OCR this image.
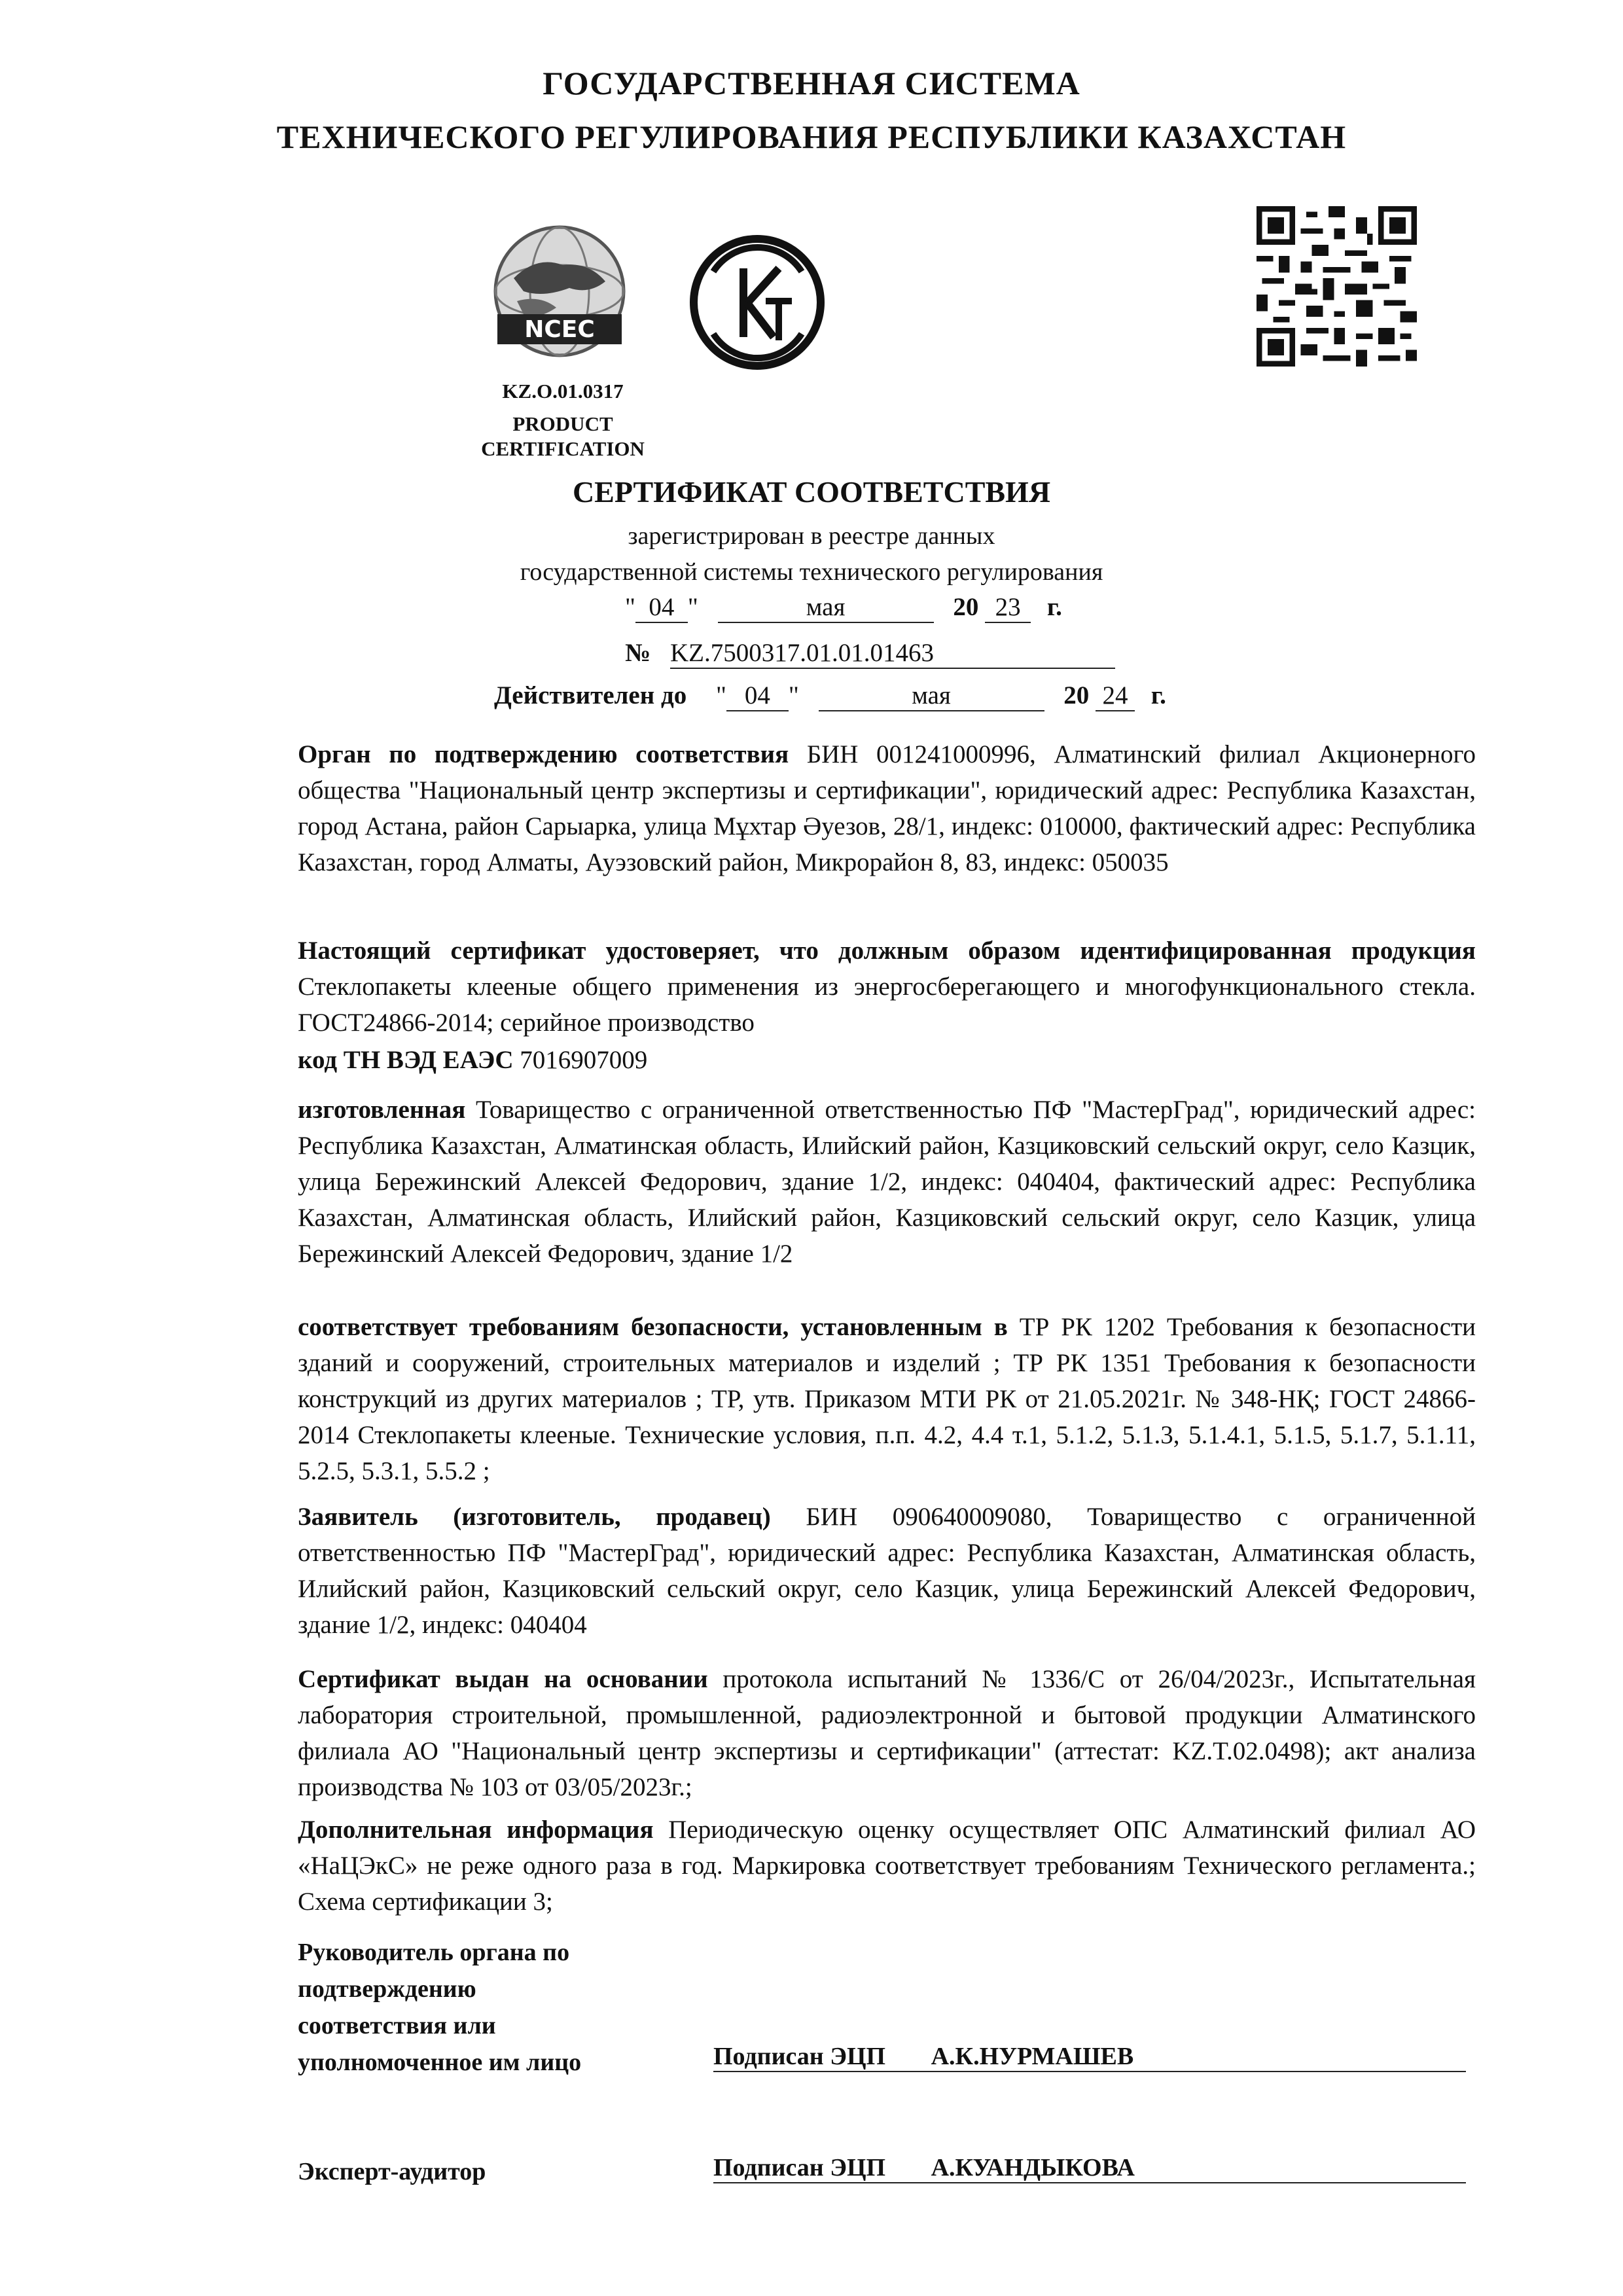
ГОСУДАРСТВЕННАЯ СИСТЕМА
ТЕХНИЧЕСКОГО РЕГУЛИРОВАНИЯ РЕСПУБЛИКИ КАЗАХСТАН
NCEC
KZ.O.01.0317
PRODUCT
CERTIFICATION
СЕРТИФИКАТ СООТВЕТСТВИЯ
зарегистрирован в реестре данных
государственной системы технического регулирования
" 04 "	мая	20 23 г.
№ KZ.7500317.01.01.01463
Действителен до " 04 "	мая	20 24 г.
Орган по подтверждению соответствия БИН 001241000996, Алматинский филиал Акционерного общества "Национальный центр экспертизы и сертификации", юридический адрес: Республика Казахстан, город Астана, район Сарыарка, улица Мұхтар Әуезов, 28/1, индекс: 010000, фактический адрес: Республика Казахстан, город Алматы, Ауэзовский район, Микрорайон 8, 83, индекс: 050035
Настоящий сертификат удостоверяет, что должным образом идентифицированная продукция Стеклопакеты клееные общего применения из энергосберегающего и многофункционального стекла. ГОСТ24866-2014; серийное производство
код ТН ВЭД ЕАЭС 7016907009
изготовленная Товарищество с ограниченной ответственностью ПФ "МастерГрад", юридический адрес: Республика Казахстан, Алматинская область, Илийский район, Казциковский сельский округ, село Казцик, улица Бережинский Алексей Федорович, здание 1/2, индекс: 040404, фактический адрес: Республика Казахстан, Алматинская область, Илийский район, Казциковский сельский округ, село Казцик, улица Бережинский Алексей Федорович, здание 1/2
соответствует требованиям безопасности, установленным в ТР РК 1202 Требования к безопасности зданий и сооружений, строительных материалов и изделий ; ТР РК 1351 Требования к безопасности конструкций из других материалов ; ТР, утв. Приказом МТИ РК от 21.05.2021г. № 348-НҚ; ГОСТ 24866-2014 Стеклопакеты клееные. Технические условия, п.п. 4.2, 4.4 т.1, 5.1.2, 5.1.3, 5.1.4.1, 5.1.5, 5.1.7, 5.1.11, 5.2.5, 5.3.1, 5.5.2 ;
Заявитель (изготовитель, продавец) БИН 090640009080, Товарищество с ограниченной ответственностью ПФ "МастерГрад", юридический адрес: Республика Казахстан, Алматинская область, Илийский район, Казциковский сельский округ, село Казцик, улица Бережинский Алексей Федорович, здание 1/2, индекс: 040404
Сертификат выдан на основании протокола испытаний № 1336/С от 26/04/2023г., Испытательная лаборатория строительной, промышленной, радиоэлектронной и бытовой продукции Алматинского филиала АО "Национальный центр экспертизы и сертификации" (аттестат: KZ.T.02.0498); акт анализа производства № 103 от 03/05/2023г.;
Дополнительная информация Периодическую оценку осуществляет ОПС Алматинский филиал АО «НаЦЭкС» не реже одного раза в год. Маркировка соответствует требованиям Технического регламента.; Схема сертификации 3;
Руководитель органа по
подтверждению
соответствия или
уполномоченное им лицо	Подписан ЭЦП А.К.НУРМАШЕВ
Эксперт-аудитор	Подписан ЭЦП А.КУАНДЫКОВА
